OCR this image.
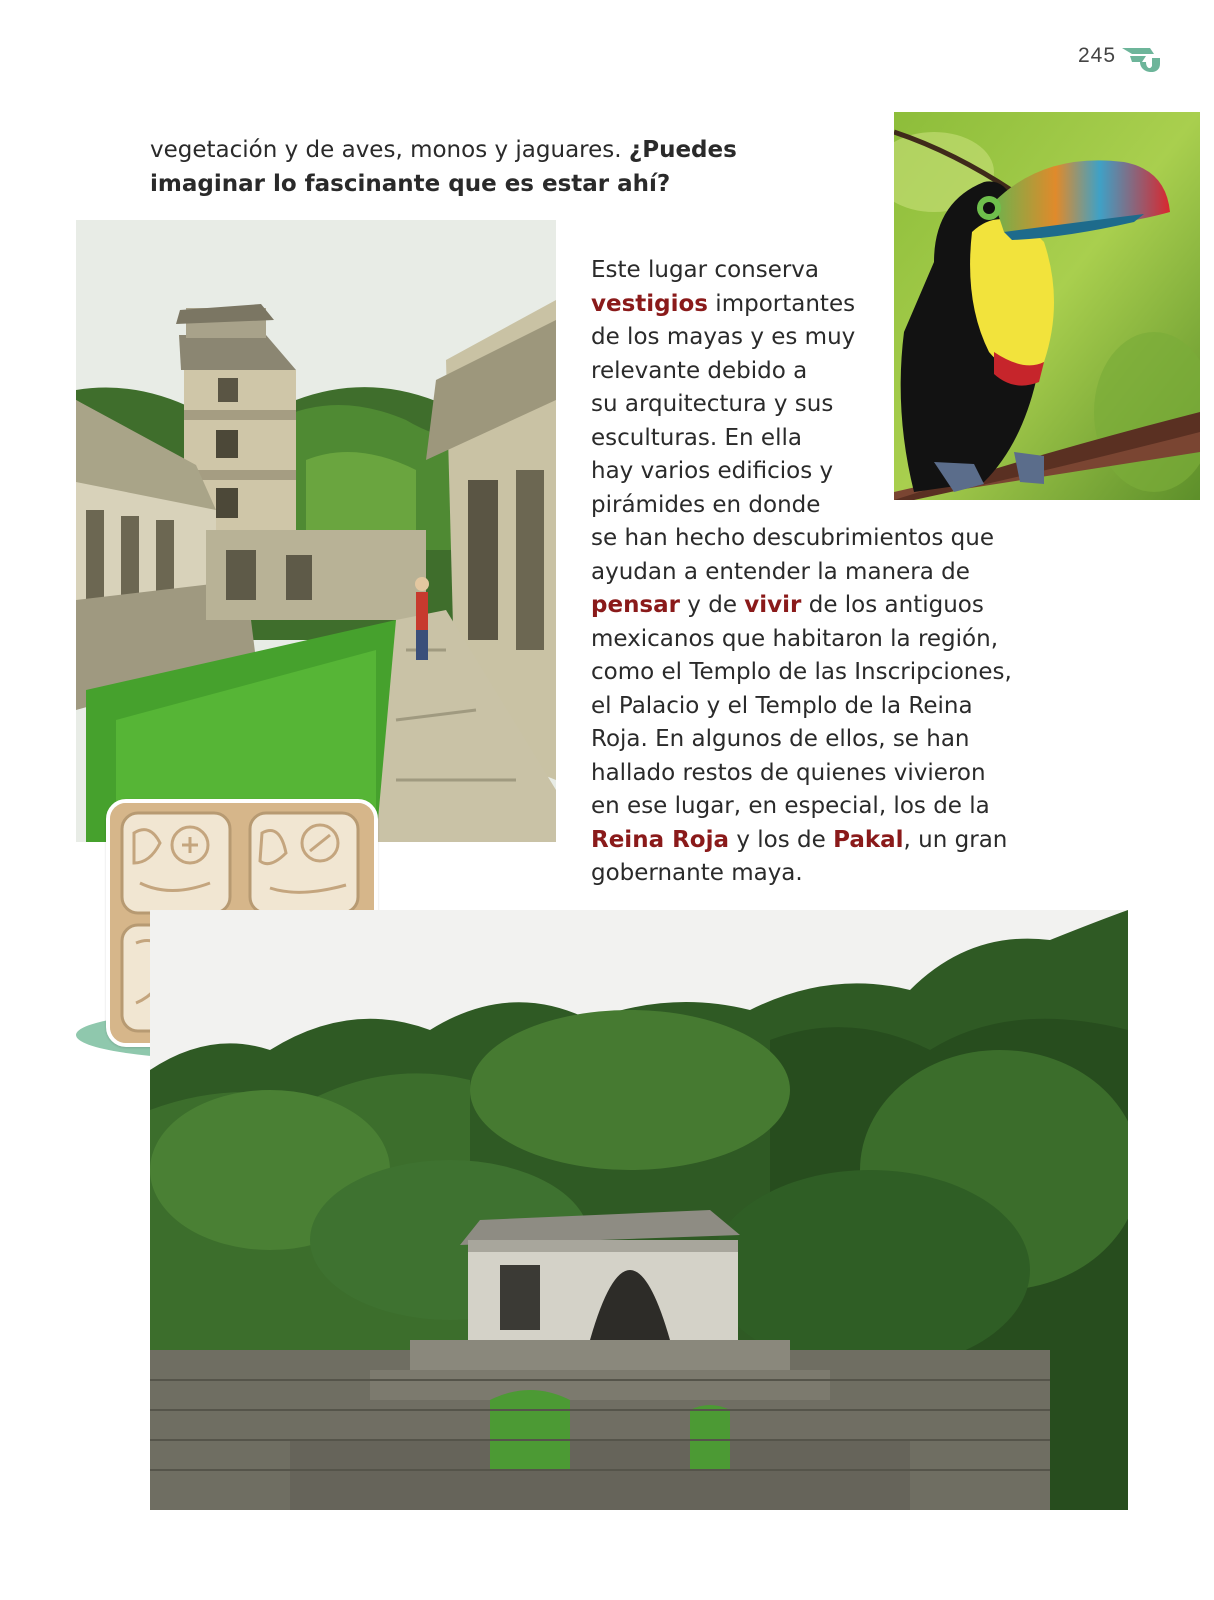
245

vegetación y de aves, monos y jaguares. ¿Puedes imaginar lo fascinante que es estar ahí?

Este lugar conserva
vestigios importantes
de los mayas y es muy
relevante debido a
su arquitectura y sus
esculturas. En ella
hay varios edificios y
pirámides en donde
se han hecho descubrimientos que
ayudan a entender la manera de
pensar y de vivir de los antiguos
mexicanos que habitaron la región,
como el Templo de las Inscripciones,
el Palacio y el Templo de la Reina
Roja. En algunos de ellos, se han
hallado restos de quienes vivieron
en ese lugar, en especial, los de la
Reina Roja y los de Pakal, un gran
gobernante maya.
